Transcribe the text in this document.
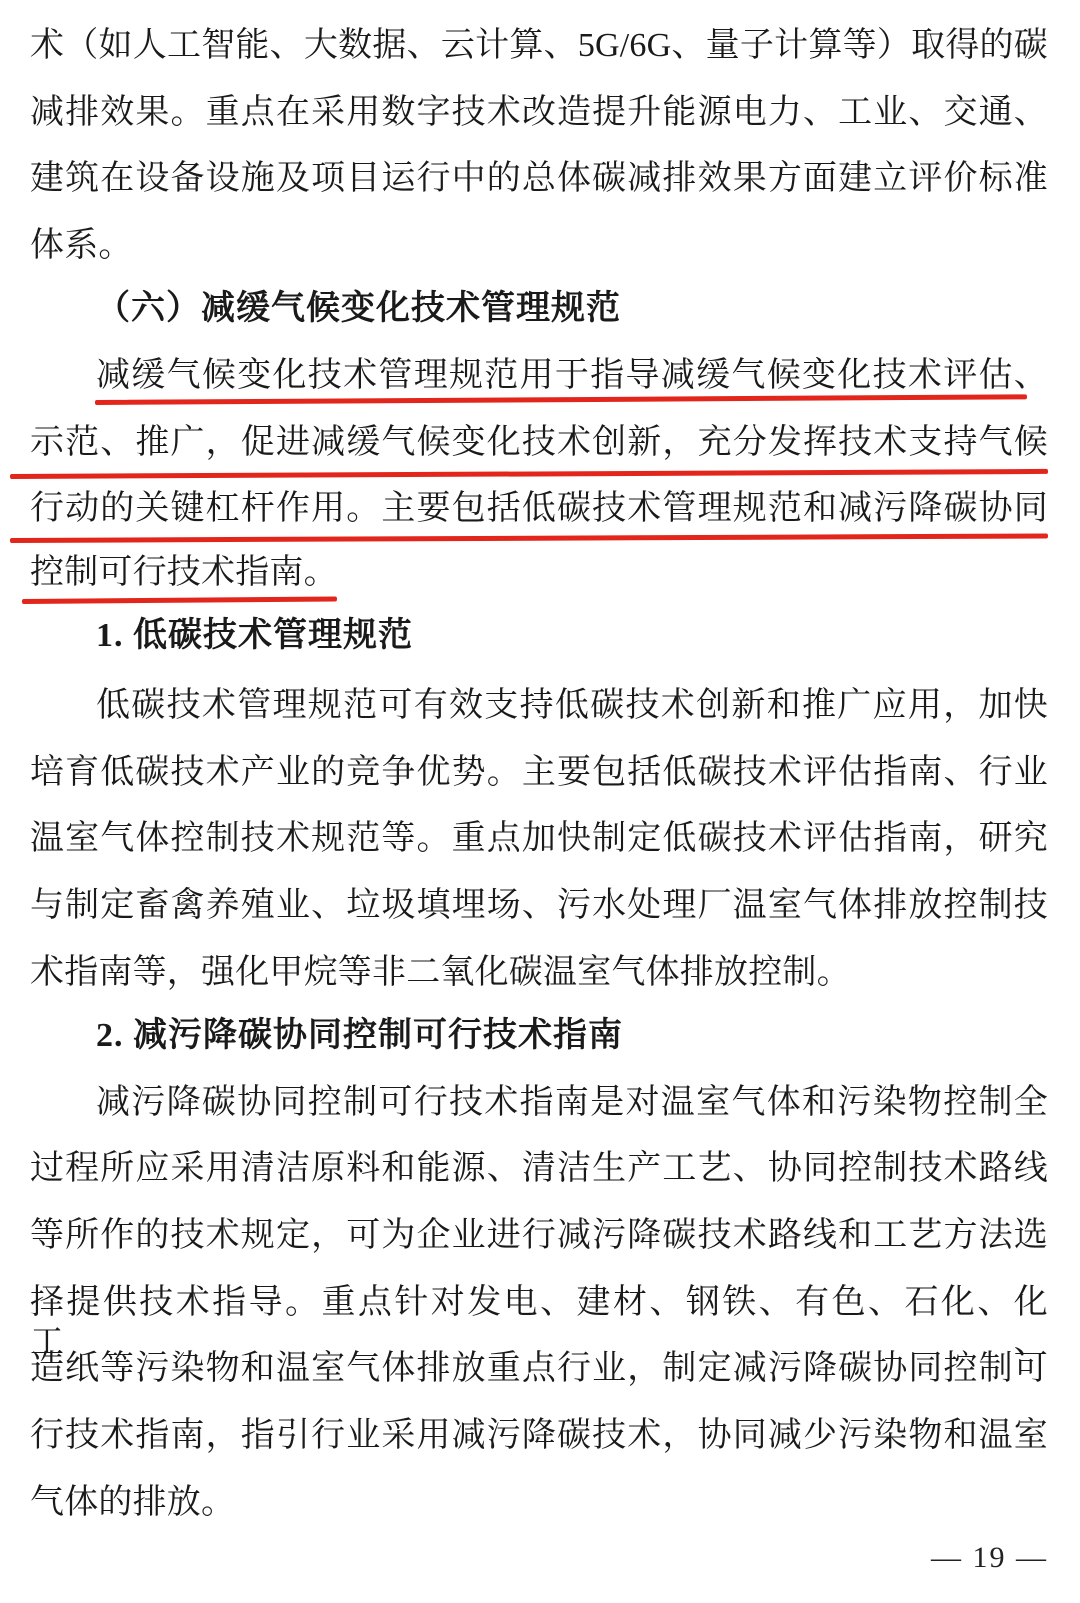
术（如人工智能、大数据、云计算、5G/6G、量子计算等）取得的碳
减排效果。重点在采用数字技术改造提升能源电力、工业、交通、
建筑在设备设施及项目运行中的总体碳减排效果方面建立评价标准
体系。
（六）减缓气候变化技术管理规范
减缓气候变化技术管理规范用于指导减缓气候变化技术评估、
示范、推广，促进减缓气候变化技术创新，充分发挥技术支持气候
行动的关键杠杆作用。主要包括低碳技术管理规范和减污降碳协同
控制可行技术指南。
1. 低碳技术管理规范
低碳技术管理规范可有效支持低碳技术创新和推广应用，加快
培育低碳技术产业的竞争优势。主要包括低碳技术评估指南、行业
温室气体控制技术规范等。重点加快制定低碳技术评估指南，研究
与制定畜禽养殖业、垃圾填埋场、污水处理厂温室气体排放控制技
术指南等，强化甲烷等非二氧化碳温室气体排放控制。
2. 减污降碳协同控制可行技术指南
减污降碳协同控制可行技术指南是对温室气体和污染物控制全
过程所应采用清洁原料和能源、清洁生产工艺、协同控制技术路线
等所作的技术规定，可为企业进行减污降碳技术路线和工艺方法选
择提供技术指导。重点针对发电、建材、钢铁、有色、石化、化工、
造纸等污染物和温室气体排放重点行业，制定减污降碳协同控制可
行技术指南，指引行业采用减污降碳技术，协同减少污染物和温室
气体的排放。
— 19 —
